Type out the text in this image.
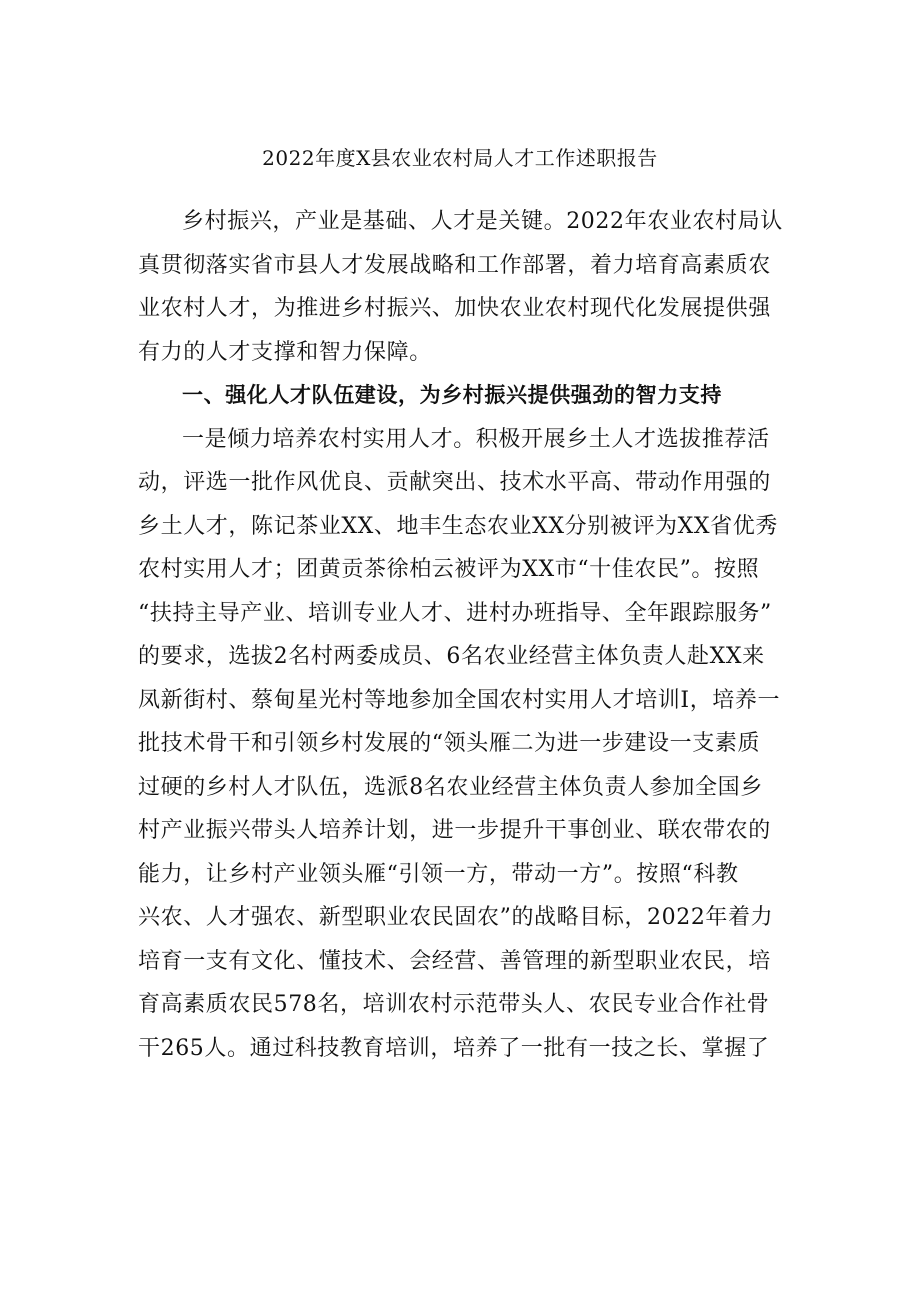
2022年度X县农业农村局人才工作述职报告
乡村振兴，产业是基础、人才是关键。2022年农业农村局认
真贯彻落实省市县人才发展战略和工作部署，着力培育高素质农
业农村人才，为推进乡村振兴、加快农业农村现代化发展提供强
有力的人才支撑和智力保障。
一、强化人才队伍建设，为乡村振兴提供强劲的智力支持
一是倾力培养农村实用人才。积极开展乡土人才选拔推荐活
动，评选一批作风优良、贡献突出、技术水平高、带动作用强的
乡土人才，陈记茶业XX、地丰生态农业XX分别被评为XX省优秀
农村实用人才；团黄贡茶徐柏云被评为XX市“十佳农民”。按照
“扶持主导产业、培训专业人才、进村办班指导、全年跟踪服务”
的要求，选拔2名村两委成员、6名农业经营主体负责人赴XX来
凤新街村、蔡甸星光村等地参加全国农村实用人才培训I，培养一
批技术骨干和引领乡村发展的“领头雁二为进一步建设一支素质
过硬的乡村人才队伍，选派8名农业经营主体负责人参加全国乡
村产业振兴带头人培养计划，进一步提升干事创业、联农带农的
能力，让乡村产业领头雁“引领一方，带动一方”。按照“科教
兴农、人才强农、新型职业农民固农”的战略目标，2022年着力
培育一支有文化、懂技术、会经营、善管理的新型职业农民，培
育高素质农民578名，培训农村示范带头人、农民专业合作社骨
干265人。通过科技教育培训，培养了一批有一技之长、掌握了
